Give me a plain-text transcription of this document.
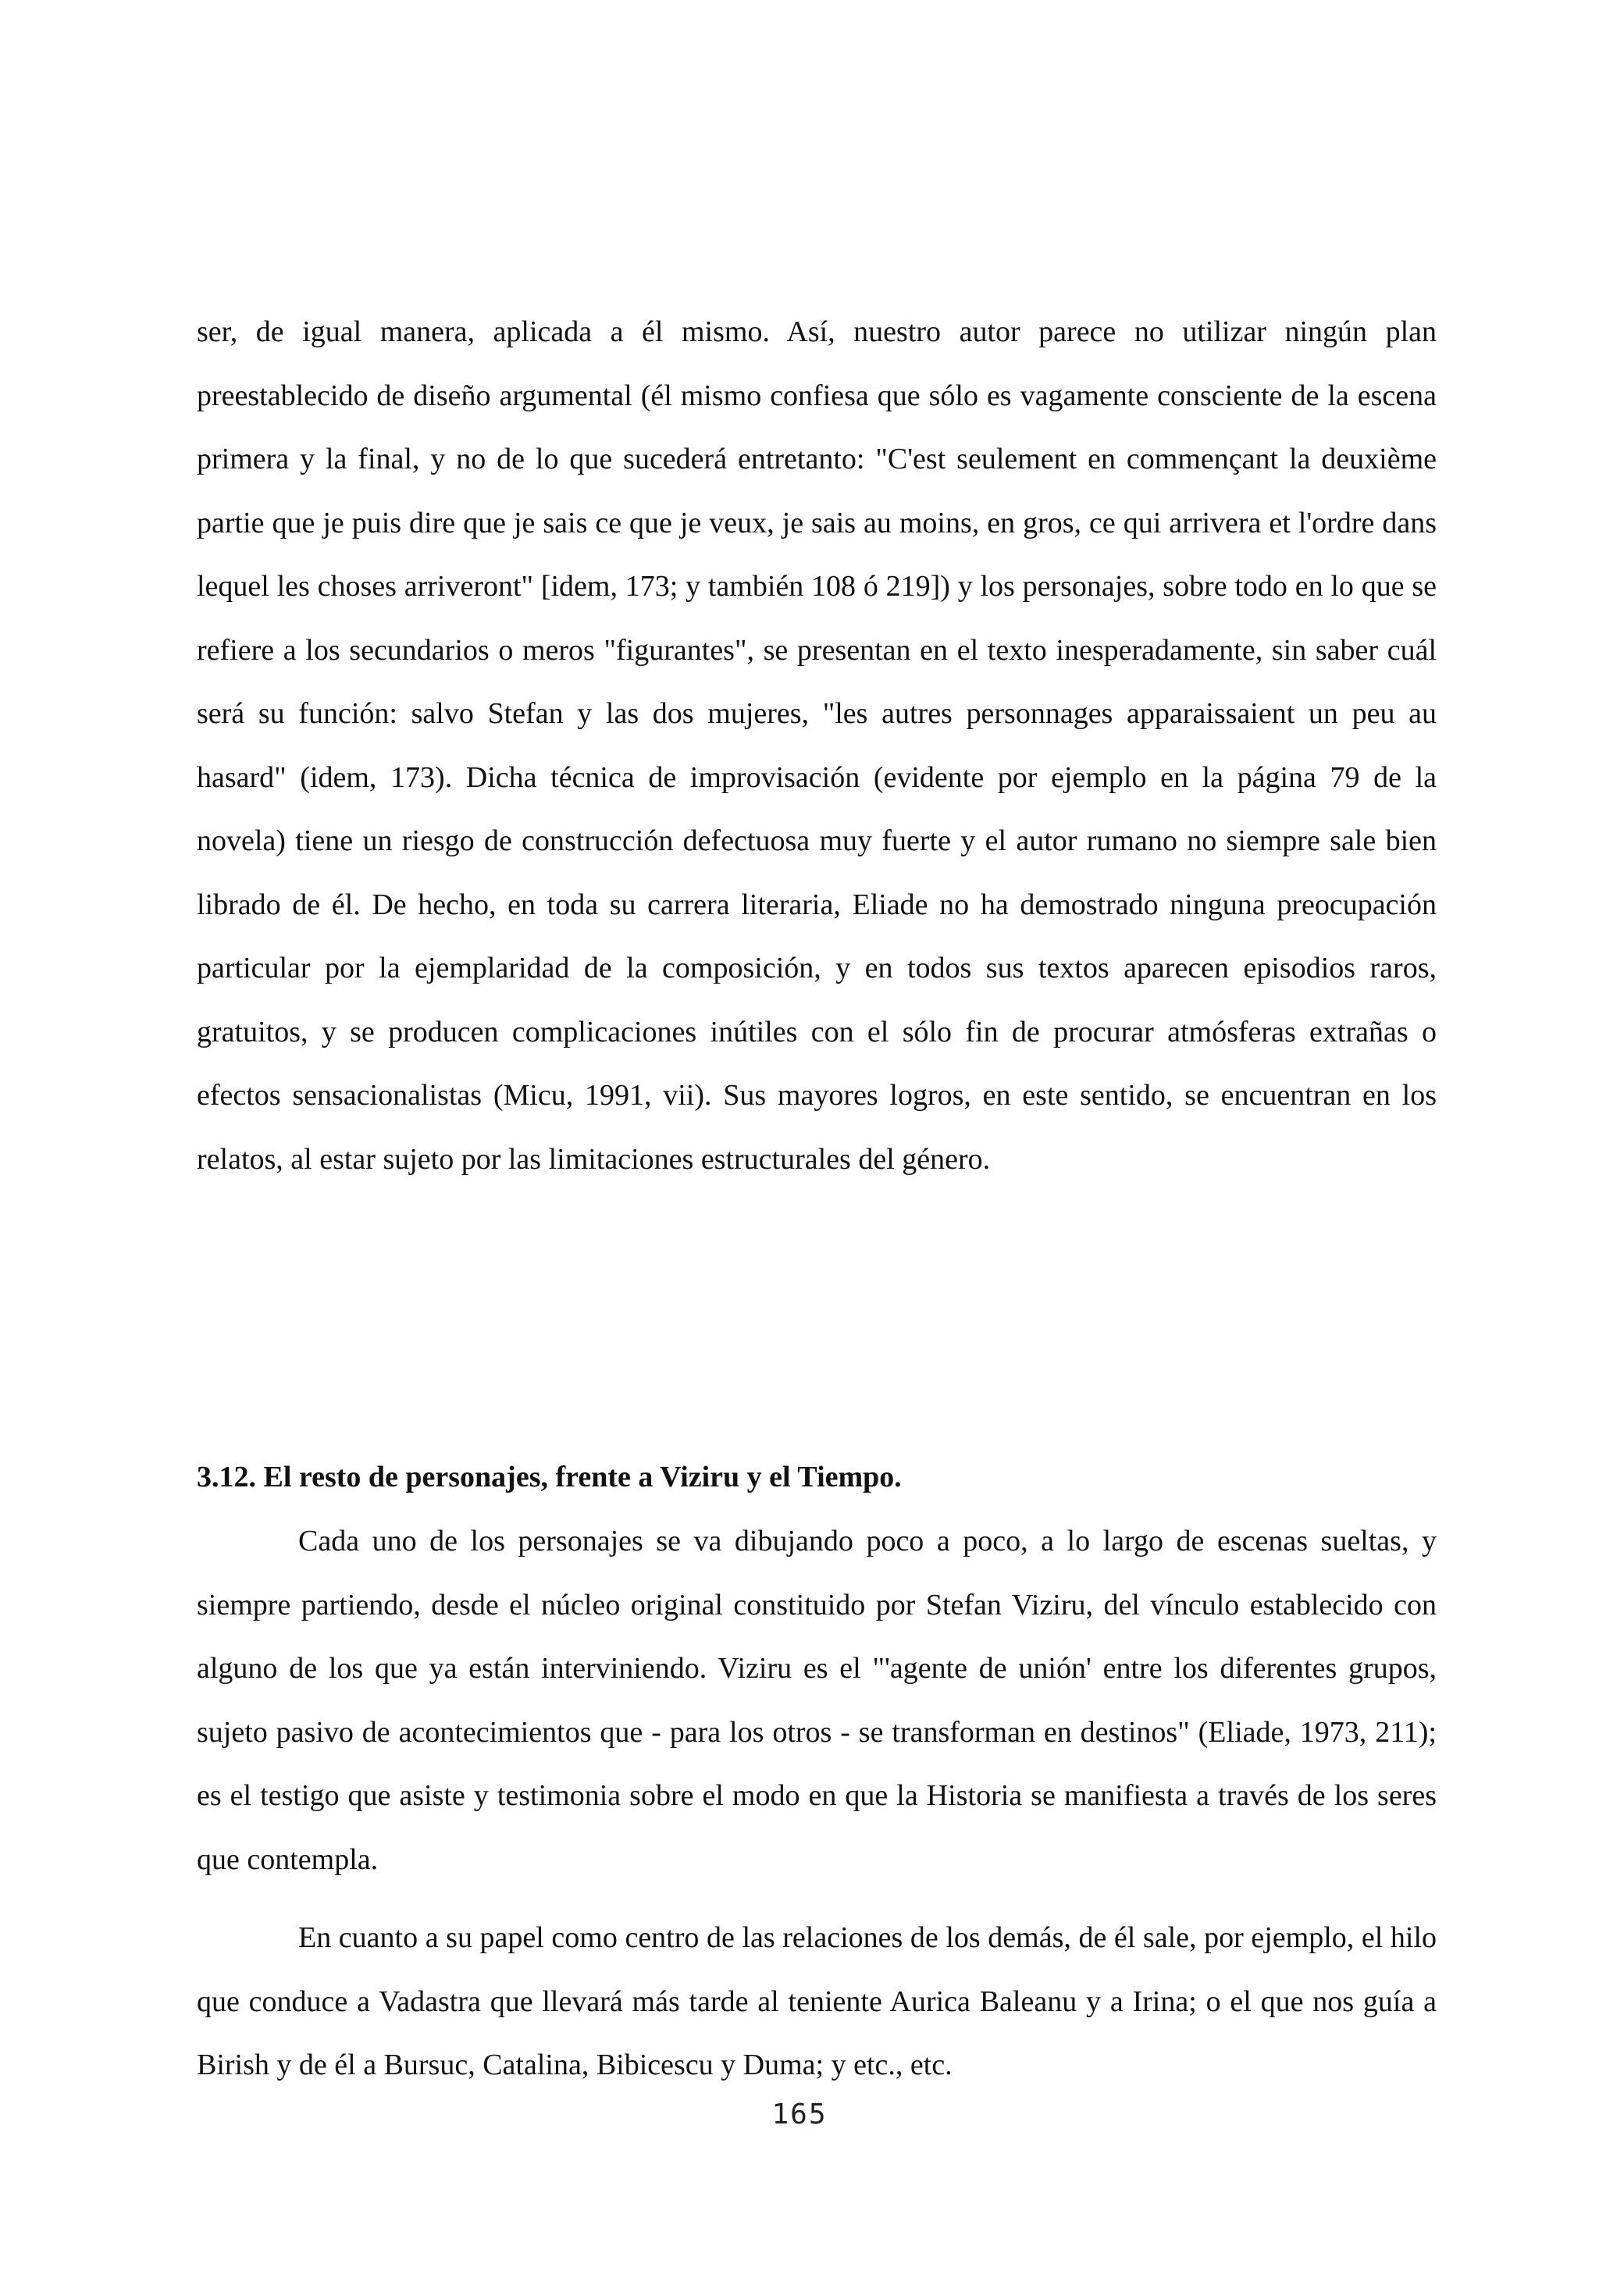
ser, de igual manera, aplicada a él mismo. Así, nuestro autor parece no utilizar ningún plan preestablecido de diseño argumental (él mismo confiesa que sólo es vagamente consciente de la escena primera y la final, y no de lo que sucederá entretanto: "C'est seulement en commençant la deuxième partie que je puis dire que je sais ce que je veux, je sais au moins, en gros, ce qui arrivera et l'ordre dans lequel les choses arriveront" [idem, 173; y también 108 ó 219]) y los personajes, sobre todo en lo que se refiere a los secundarios o meros "figurantes", se presentan en el texto inesperadamente, sin saber cuál será su función: salvo Stefan y las dos mujeres, "les autres personnages apparaissaient un peu au hasard" (idem, 173). Dicha técnica de improvisación (evidente por ejemplo en la página 79 de la novela) tiene un riesgo de construcción defectuosa muy fuerte y el autor rumano no siempre sale bien librado de él. De hecho, en toda su carrera literaria, Eliade no ha demostrado ninguna preocupación particular por la ejemplaridad de la composición, y en todos sus textos aparecen episodios raros, gratuitos, y se producen complicaciones inútiles con el sólo fin de procurar atmósferas extrañas o efectos sensacionalistas (Micu, 1991, vii). Sus mayores logros, en este sentido, se encuentran en los relatos, al estar sujeto por las limitaciones estructurales del género.

3.12. El resto de personajes, frente a Viziru y el Tiempo.

Cada uno de los personajes se va dibujando poco a poco, a lo largo de escenas sueltas, y siempre partiendo, desde el núcleo original constituido por Stefan Viziru, del vínculo establecido con alguno de los que ya están interviniendo. Viziru es el "'agente de unión' entre los diferentes grupos, sujeto pasivo de acontecimientos que - para los otros - se transforman en destinos" (Eliade, 1973, 211); es el testigo que asiste y testimonia sobre el modo en que la Historia se manifiesta a través de los seres que contempla.

En cuanto a su papel como centro de las relaciones de los demás, de él sale, por ejemplo, el hilo que conduce a Vadastra que llevará más tarde al teniente Aurica Baleanu y a Irina; o el que nos guía a Birish y de él a Bursuc, Catalina, Bibicescu y Duma; y etc., etc.

165
